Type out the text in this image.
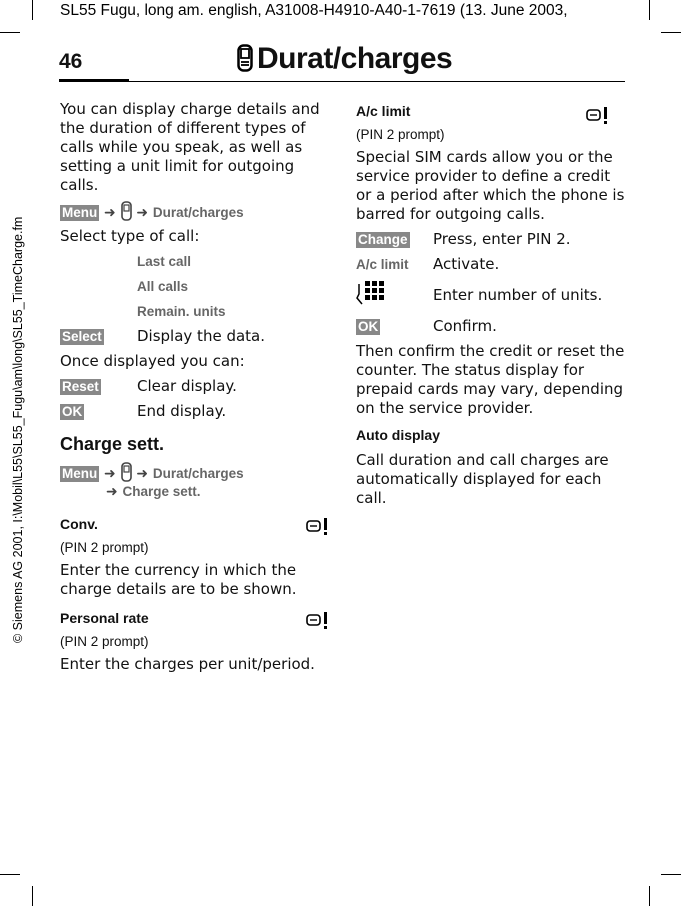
SL55 Fugu, long am. english, A31008-H4910-A40-1-7619 (13. June 2003,
© Siemens AG 2001, I:\Mobil\L55\SL55_Fugu\am\long\SL55_TimeCharge.fm
46	Durat/charges

You can display charge details and the duration of different types of calls while you speak, as well as setting a unit limit for outgoing calls.

Menu ➜ ➜ Durat/charges

Select type of call:

Last call
All calls
Remain. units
Select	Display the data.

Once displayed you can:

Reset	Clear display.
OK	End display.
Charge sett.
Menu ➜ ➜ Durat/charges
➜ Charge sett.
Conv.
(PIN 2 prompt)

Enter the currency in which the charge details are to be shown.

Personal rate
(PIN 2 prompt)

Enter the charges per unit/period.

A/c limit
(PIN 2 prompt)

Special SIM cards allow you or the service provider to define a credit or a period after which the phone is barred for outgoing calls.

Change	Press, enter PIN 2.
A/c limit	Activate.
Enter number of units.
OK	Confirm.

Then confirm the credit or reset the counter. The status display for prepaid cards may vary, depending on the service provider.

Auto display

Call duration and call charges are automatically displayed for each call.
